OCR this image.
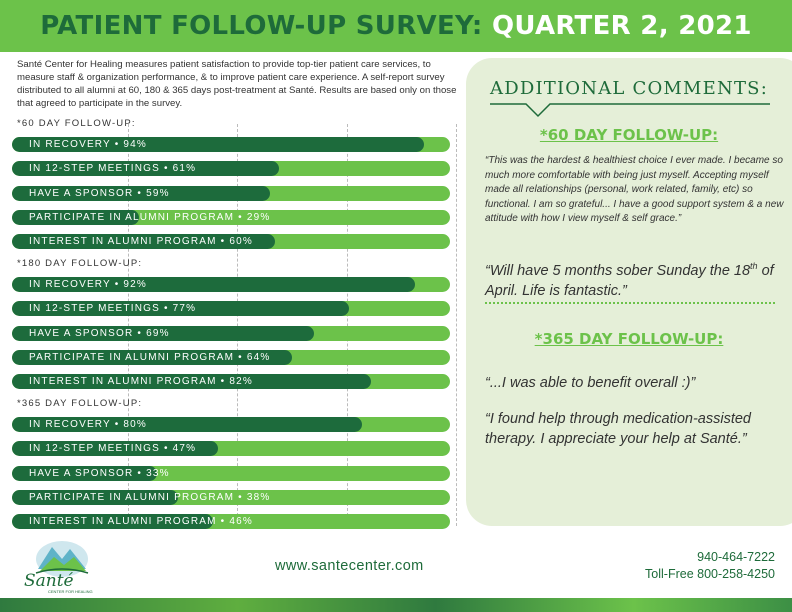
PATIENT FOLLOW-UP SURVEY: QUARTER 2, 2021

Santé Center for Healing measures patient satisfaction to provide top-tier patient care services, to measure staff & organization performance, & to improve patient care experience. A self-report survey distributed to all alumni at 60, 180 & 365 days post-treatment at Santé. Results are based only on those that agreed to participate in the survey.

*60 DAY FOLLOW-UP:
IN RECOVERY • 94%
IN 12-STEP MEETINGS • 61%
HAVE A SPONSOR • 59%
PARTICIPATE IN ALUMNI PROGRAM • 29%
INTEREST IN ALUMNI PROGRAM • 60%
*180 DAY FOLLOW-UP:
IN RECOVERY • 92%
IN 12-STEP MEETINGS • 77%
HAVE A SPONSOR • 69%
PARTICIPATE IN ALUMNI PROGRAM • 64%
INTEREST IN ALUMNI PROGRAM • 82%
*365 DAY FOLLOW-UP:
IN RECOVERY • 80%
IN 12-STEP MEETINGS • 47%
HAVE A SPONSOR • 33%
PARTICIPATE IN ALUMNI PROGRAM • 38%
INTEREST IN ALUMNI PROGRAM • 46%
ADDITIONAL COMMENTS:
*60 DAY FOLLOW-UP:

“This was the hardest & healthiest choice I ever made. I became so much more comfortable with being just myself. Accepting myself made all relationships (personal, work related, family, etc) so functional. I am so grateful... I have a good support system & a new attitude with how I view myself & self grace.”

“Will have 5 months sober Sunday the 18th of April. Life is fantastic.”

*365 DAY FOLLOW-UP:

“...I was able to benefit overall :)”

“I found help through medication-assisted therapy. I appreciate your help at Santé.”

Santé
CENTER FOR HEALING
www.santecenter.com
940-464-7222
Toll-Free 800-258-4250
